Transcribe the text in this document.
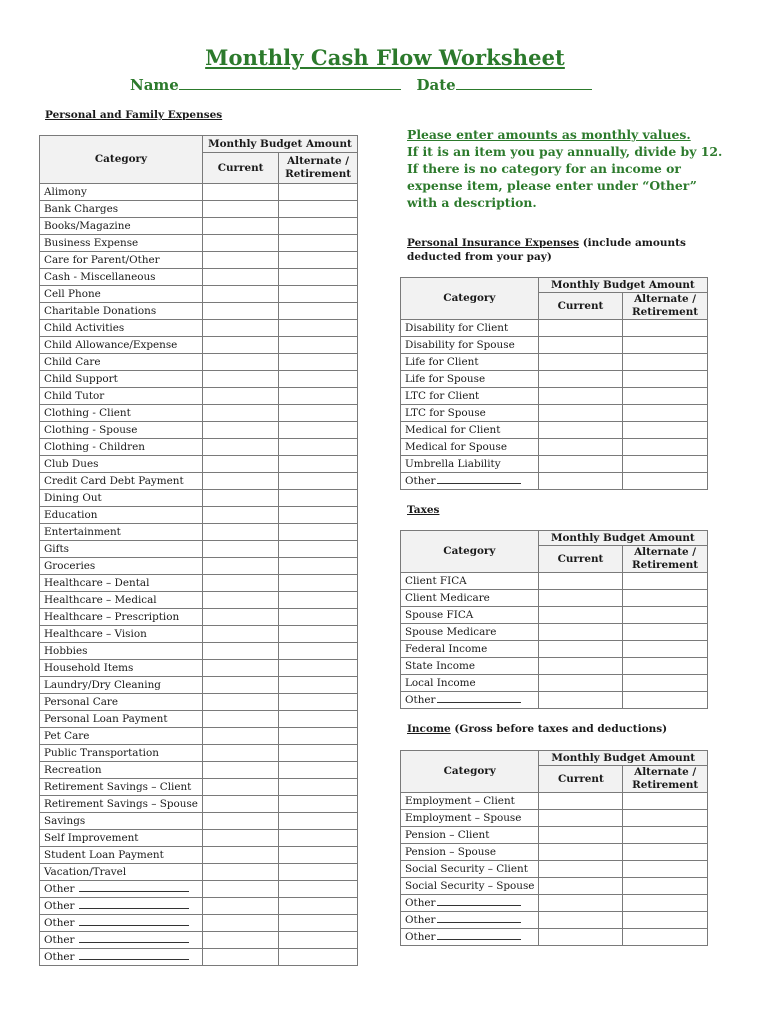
Monthly Cash Flow Worksheet
Name	Date
Personal and Family Expenses
Please enter amounts as monthly values.
If it is an item you pay annually, divide by 12.
If there is no category for an income or expense item, please enter under “Other” with a description.
Category	Monthly Budget Amount	
	Current	Alternate / Retirement
Alimony		
Bank Charges		
Books/Magazine		
Business Expense		
Care for Parent/Other		
Cash - Miscellaneous		
Cell Phone		
Charitable Donations		
Child Activities		
Child Allowance/Expense		
Child Care		
Child Support		
Child Tutor		
Clothing - Client		
Clothing - Spouse		
Clothing - Children		
Club Dues		
Credit Card Debt Payment		
Dining Out		
Education		
Entertainment		
Gifts		
Groceries		
Healthcare – Dental		
Healthcare – Medical		
Healthcare – Prescription		
Healthcare – Vision		
Hobbies		
Household Items		
Laundry/Dry Cleaning		
Personal Care		
Personal Loan Payment		
Pet Care		
Public Transportation		
Recreation		
Retirement Savings – Client		
Retirement Savings – Spouse		
Savings		
Self Improvement		
Student Loan Payment		
Vacation/Travel		
Other		
Other		
Other		
Other		
Other		
Personal Insurance Expenses (include amounts deducted from your pay)
Category	Monthly Budget Amount	
	Current	Alternate / Retirement
Disability for Client		
Disability for Spouse		
Life for Client		
Life for Spouse		
LTC for Client		
LTC for Spouse		
Medical for Client		
Medical for Spouse		
Umbrella Liability		
Other		
Taxes
Category	Monthly Budget Amount	
	Current	Alternate / Retirement
Client FICA		
Client Medicare		
Spouse FICA		
Spouse Medicare		
Federal Income		
State Income		
Local Income		
Other		
Income (Gross before taxes and deductions)
Category	Monthly Budget Amount	
	Current	Alternate / Retirement
Employment – Client		
Employment – Spouse		
Pension – Client		
Pension – Spouse		
Social Security – Client		
Social Security – Spouse		
Other		
Other		
Other		
